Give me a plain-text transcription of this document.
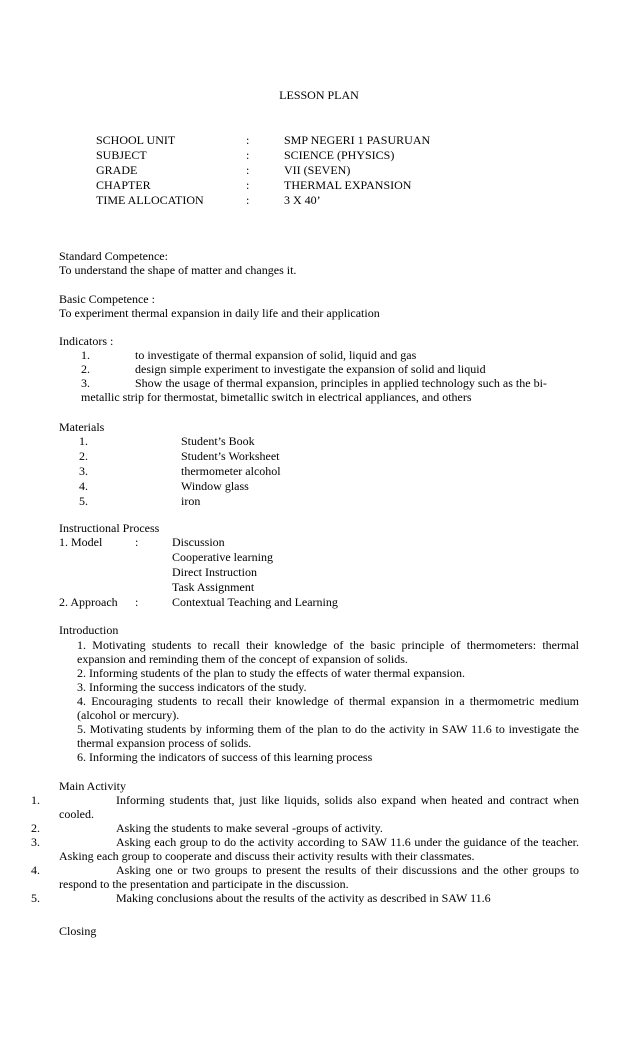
LESSON PLAN
SCHOOL UNIT	:	SMP NEGERI 1 PASURUAN
SUBJECT	:	SCIENCE (PHYSICS)
GRADE	:	VII (SEVEN)
CHAPTER	:	THERMAL EXPANSION
TIME ALLOCATION	:	3 X 40’
Standard Competence:
To understand the shape of matter and changes it.
Basic Competence :
To experiment thermal expansion in daily life and their application
Indicators :
1.	to investigate of thermal expansion of solid, liquid and gas
2.	design simple experiment to investigate the expansion of solid and liquid
3.	Show the usage of thermal expansion, principles in applied technology such as the bi-
metallic strip for thermostat, bimetallic switch in electrical appliances, and others
Materials
1.	Student’s Book
2.	Student’s Worksheet
3.	thermometer alcohol
4.	Window glass
5.	iron
Instructional Process
1. Model	:	Discussion
Cooperative learning
Direct Instruction
Task Assignment
2. Approach :	Contextual Teaching and Learning
Introduction
1. Motivating students to recall their knowledge of the basic principle of thermometers: thermal expansion and reminding them of the concept of expansion of solids.
2. Informing students of the plan to study the effects of water thermal expansion.
3. Informing the success indicators of the study.
4. Encouraging students to recall their knowledge of thermal expansion in a thermometric medium (alcohol or mercury).
5. Motivating students by informing them of the plan to do the activity in SAW 11.6 to investigate the thermal expansion process of solids.
6. Informing the indicators of success of this learning process
Main Activity
1.	Informing students that, just like liquids, solids also expand when heated and contract when cooled.
2.	Asking the students to make several -groups of activity.
3.	Asking each group to do the activity according to SAW 11.6 under the guidance of the teacher. Asking each group to cooperate and discuss their activity results with their classmates.
4.	Asking one or two groups to present the results of their discussions and the other groups to respond to the presentation and participate in the discussion.
5.	Making conclusions about the results of the activity as described in SAW 11.6
Closing
